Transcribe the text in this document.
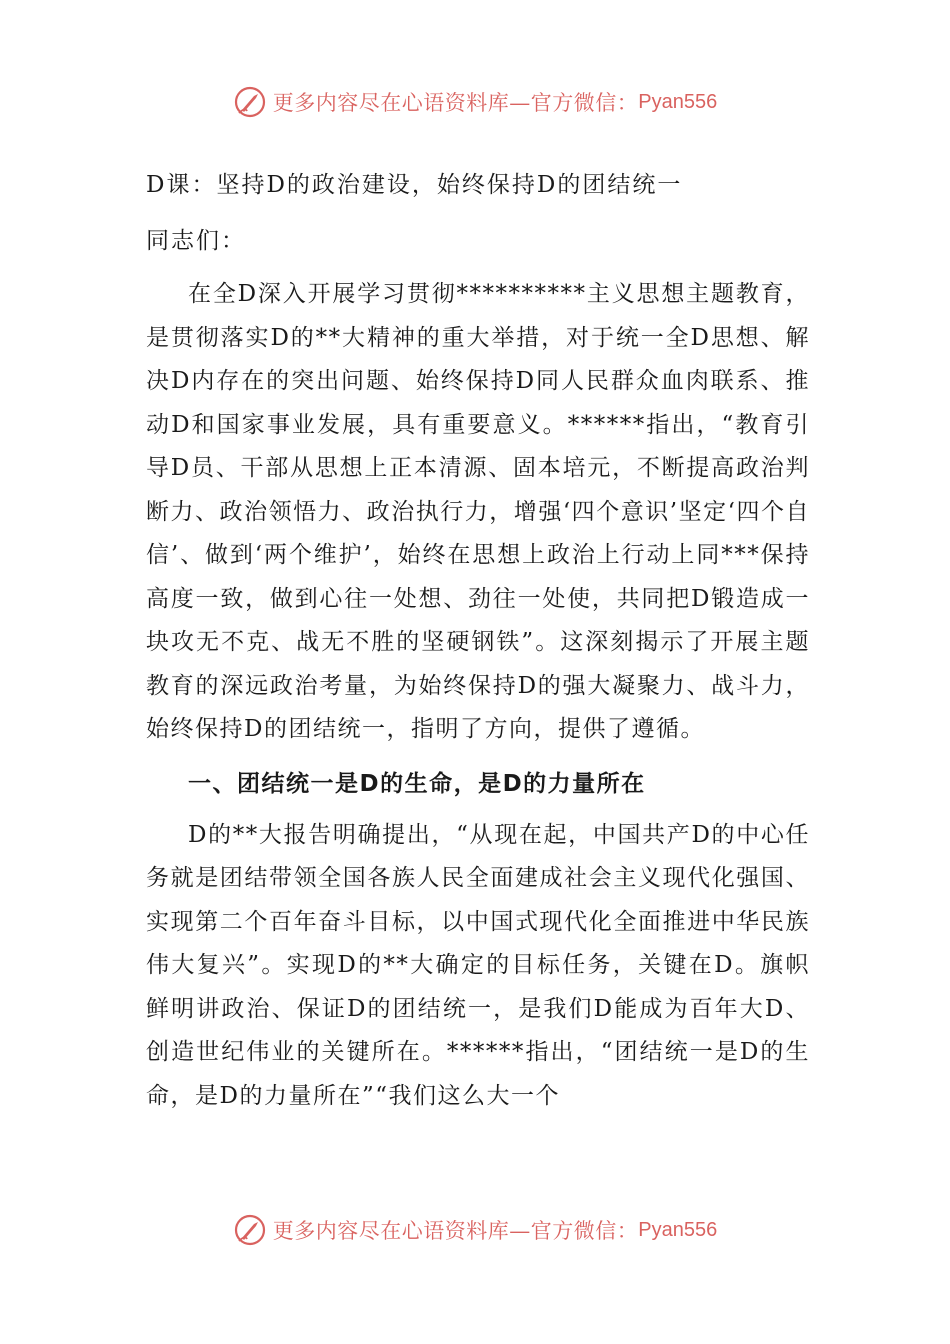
更多内容尽在心语资料库—官方微信： Pyan556
D课：坚持D的政治建设，始终保持D的团结统一
同志们：

在全D深入开展学习贯彻**********主义思想主题教育，是贯彻落实D的**大精神的重大举措，对于统一全D思想、解决D内存在的突出问题、始终保持D同人民群众血肉联系、推动D和国家事业发展，具有重要意义。******指出，“教育引导D员、干部从思想上正本清源、固本培元，不断提高政治判断力、政治领悟力、政治执行力，增强‘四个意识’坚定‘四个自信’、做到‘两个维护’，始终在思想上政治上行动上同***保持高度一致，做到心往一处想、劲往一处使，共同把D锻造成一块攻无不克、战无不胜的坚硬钢铁”。这深刻揭示了开展主题教育的深远政治考量，为始终保持D的强大凝聚力、战斗力，始终保持D的团结统一，指明了方向，提供了遵循。

一、团结统一是D的生命，是D的力量所在

D的**大报告明确提出，“从现在起，中国共产D的中心任务就是团结带领全国各族人民全面建成社会主义现代化强国、实现第二个百年奋斗目标，以中国式现代化全面推进中华民族伟大复兴”。实现D的**大确定的目标任务，关键在D。旗帜鲜明讲政治、保证D的团结统一，是我们D能成为百年大D、创造世纪伟业的关键所在。******指出，“团结统一是D的生命，是D的力量所在”“我们这么大一个

更多内容尽在心语资料库—官方微信： Pyan556
